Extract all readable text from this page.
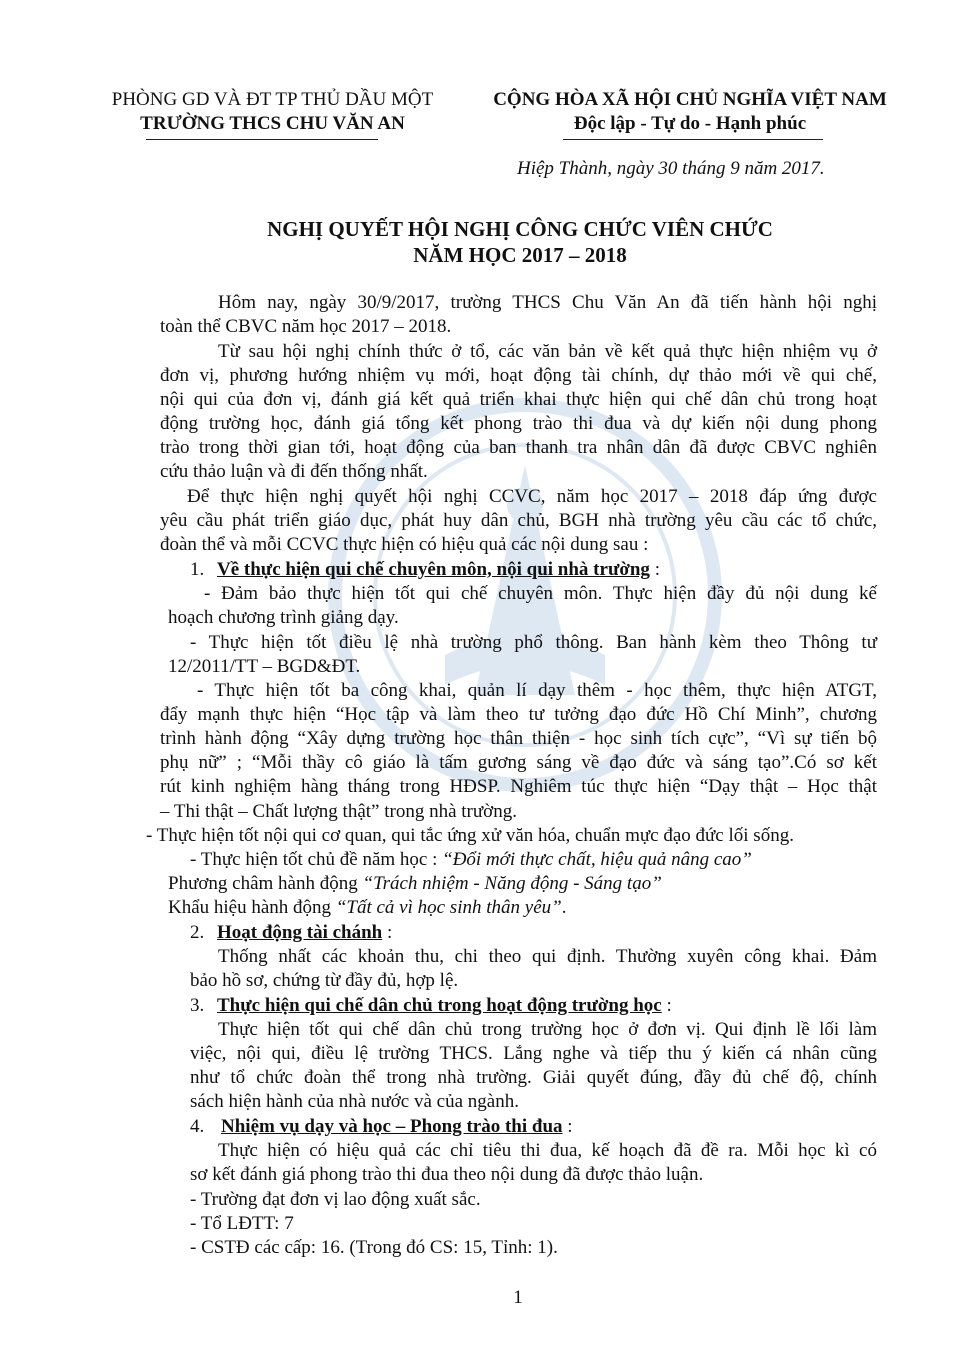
PHÒNG GD VÀ ĐT TP THỦ DẦU MỘT
TRƯỜNG THCS CHU VĂN AN
CỘNG HÒA XÃ HỘI CHỦ NGHĨA VIỆT NAM
Độc lập - Tự do - Hạnh phúc
Hiệp Thành, ngày 30 tháng 9 năm 2017.
NGHỊ QUYẾT HỘI NGHỊ CÔNG CHỨC VIÊN CHỨC
NĂM HỌC 2017 – 2018
Hôm nay, ngày 30/9/2017, trường THCS Chu Văn An đã tiến hành hội nghị
toàn thể CBVC năm học 2017 – 2018.
Từ sau hội nghị chính thức ở tổ, các văn bản về kết quả thực hiện nhiệm vụ ở
đơn vị, phương hướng nhiệm vụ mới, hoạt động tài chính, dự thảo mới về qui chế,
nội qui của đơn vị, đánh giá kết quả triển khai thực hiện qui chế dân chủ trong hoạt
động trường học, đánh giá tổng kết phong trào thi đua và dự kiến nội dung phong
trào trong thời gian tới, hoạt động của ban thanh tra nhân dân đã được CBVC nghiên
cứu thảo luận và đi đến thống nhất.
Để thực hiện nghị quyết hội nghị CCVC, năm học 2017 – 2018 đáp ứng được
yêu cầu phát triển giáo dục, phát huy dân chủ, BGH nhà trường yêu cầu các tổ chức,
đoàn thể và mỗi CCVC thực hiện có hiệu quả các nội dung sau :
1. Về thực hiện qui chế chuyên môn, nội qui nhà trường :
- Đảm bảo thực hiện tốt qui chế chuyên môn. Thực hiện đầy đủ nội dung kế
hoạch chương trình giảng dạy.
- Thực hiện tốt điều lệ nhà trường phổ thông. Ban hành kèm theo Thông tư
12/2011/TT – BGD&ĐT.
- Thực hiện tốt ba công khai, quản lí dạy thêm - học thêm, thực hiện ATGT,
đẩy mạnh thực hiện “Học tập và làm theo tư tưởng đạo đức Hồ Chí Minh”, chương
trình hành động “Xây dựng trường học thân thiện - học sinh tích cực”, “Vì sự tiến bộ
phụ nữ” ; “Mỗi thầy cô giáo là tấm gương sáng về đạo đức và sáng tạo”.Có sơ kết
rút kinh nghiệm hàng tháng trong HĐSP. Nghiêm túc thực hiện “Dạy thật – Học thật
– Thi thật – Chất lượng thật” trong nhà trường.
- Thực hiện tốt nội qui cơ quan, qui tắc ứng xử văn hóa, chuẩn mực đạo đức lối sống.
- Thực hiện tốt chủ đề năm học : “Đổi mới thực chất, hiệu quả nâng cao”
Phương châm hành động “Trách nhiệm - Năng động - Sáng tạo”
Khẩu hiệu hành động “Tất cả vì học sinh thân yêu”.
2. Hoạt động tài chánh :
Thống nhất các khoản thu, chi theo qui định. Thường xuyên công khai. Đảm
bảo hồ sơ, chứng từ đầy đủ, hợp lệ.
3. Thực hiện qui chế dân chủ trong hoạt động trường học :
Thực hiện tốt qui chế dân chủ trong trường học ở đơn vị. Qui định lề lối làm
việc, nội qui, điều lệ trường THCS. Lắng nghe và tiếp thu ý kiến cá nhân cũng
như tổ chức đoàn thể trong nhà trường. Giải quyết đúng, đầy đủ chế độ, chính
sách hiện hành của nhà nước và của ngành.
4. Nhiệm vụ dạy và học – Phong trào thi đua :
Thực hiện có hiệu quả các chỉ tiêu thi đua, kế hoạch đã đề ra. Mỗi học kì có
sơ kết đánh giá phong trào thi đua theo nội dung đã được thảo luận.
- Trường đạt đơn vị lao động xuất sắc.
- Tổ LĐTT: 7
- CSTĐ các cấp: 16. (Trong đó CS: 15, Tỉnh: 1).
1
